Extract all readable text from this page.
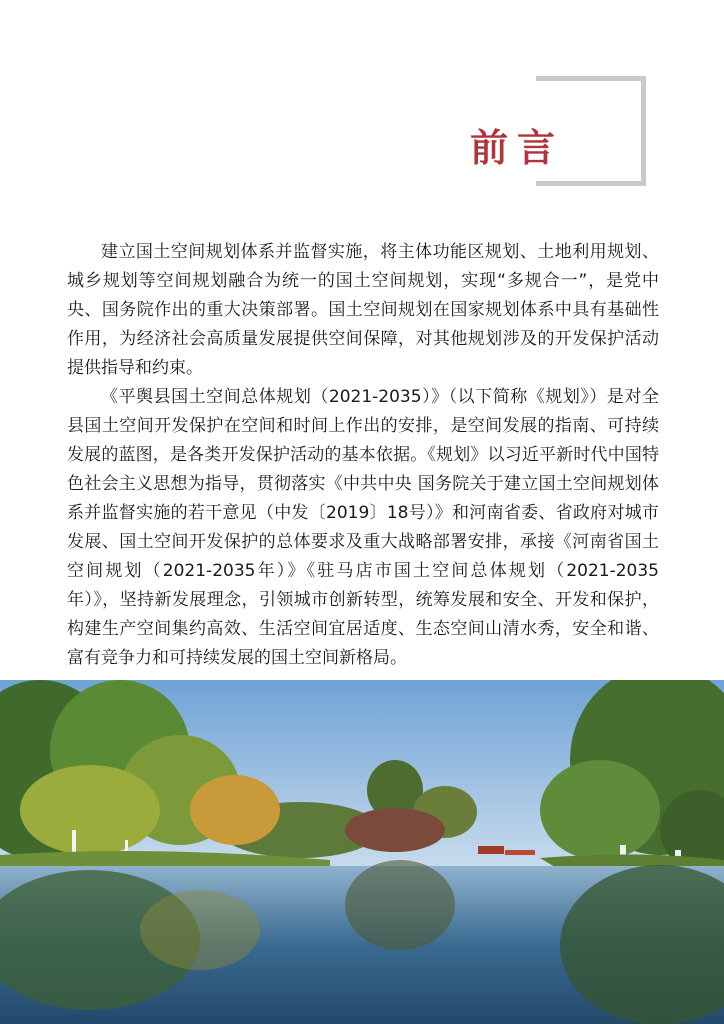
前言

建立国土空间规划体系并监督实施，将主体功能区规划、土地利用规划、城乡规划等空间规划融合为统一的国土空间规划，实现“多规合一”，是党中央、国务院作出的重大决策部署。国土空间规划在国家规划体系中具有基础性作用，为经济社会高质量发展提供空间保障，对其他规划涉及的开发保护活动提供指导和约束。

《平舆县国土空间总体规划（2021-2035）》（以下简称《规划》）是对全县国土空间开发保护在空间和时间上作出的安排，是空间发展的指南、可持续发展的蓝图，是各类开发保护活动的基本依据。《规划》以习近平新时代中国特色社会主义思想为指导，贯彻落实《中共中央 国务院关于建立国土空间规划体系并监督实施的若干意见（中发〔2019〕18号）》和河南省委、省政府对城市发展、国土空间开发保护的总体要求及重大战略部署安排，承接《河南省国土空间规划（2021-2035年）》《驻马店市国土空间总体规划（2021-2035年）》，坚持新发展理念，引领城市创新转型，统筹发展和安全、开发和保护，构建生产空间集约高效、生活空间宜居适度、生态空间山清水秀，安全和谐、富有竞争力和可持续发展的国土空间新格局。
